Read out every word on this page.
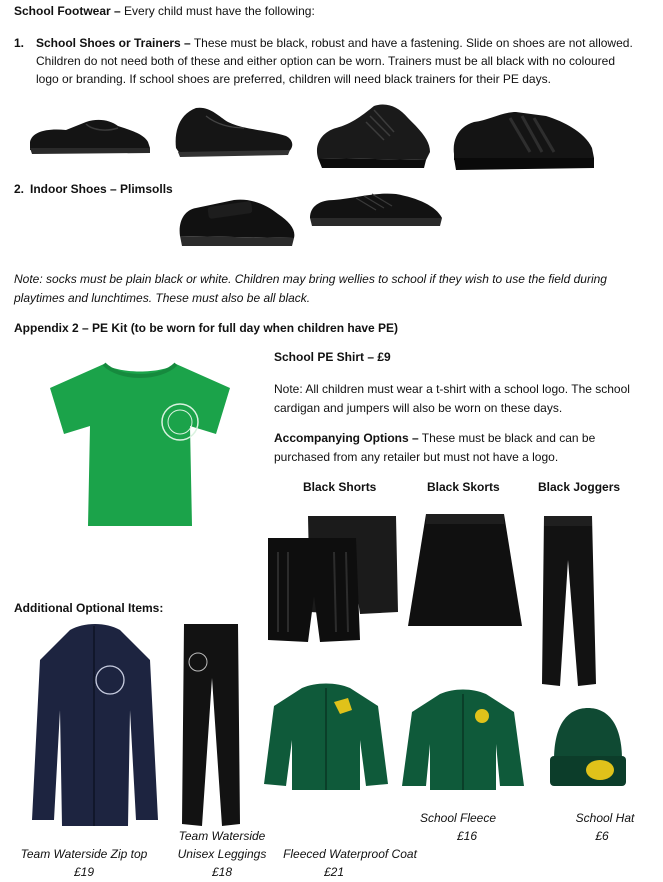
School Footwear – Every child must have the following:
1. School Shoes or Trainers – These must be black, robust and have a fastening. Slide on shoes are not allowed.
Children do not need both of these and either option can be worn. Trainers must be all black with no coloured
logo or branding. If school shoes are preferred, children will need black trainers for their PE days.
2. Indoor Shoes – Plimsolls
Note: socks must be plain black or white. Children may bring wellies to school if they wish to use the field during
playtimes and lunchtimes. These must also be all black.
Appendix 2 – PE Kit (to be worn for full day when children have PE)
School PE Shirt – £9
Note: All children must wear a t-shirt with a school logo. The school
cardigan and jumpers will also be worn on these days.
Accompanying Options – These must be black and can be
purchased from any retailer but must not have a logo.
Black Shorts	Black Skorts	Black Joggers
Additional Optional Items:
Team Waterside Zip top
£19
Team Waterside
Unisex Leggings
£18
Fleeced Waterproof Coat
£21
School Fleece
£16
School Hat
£6
